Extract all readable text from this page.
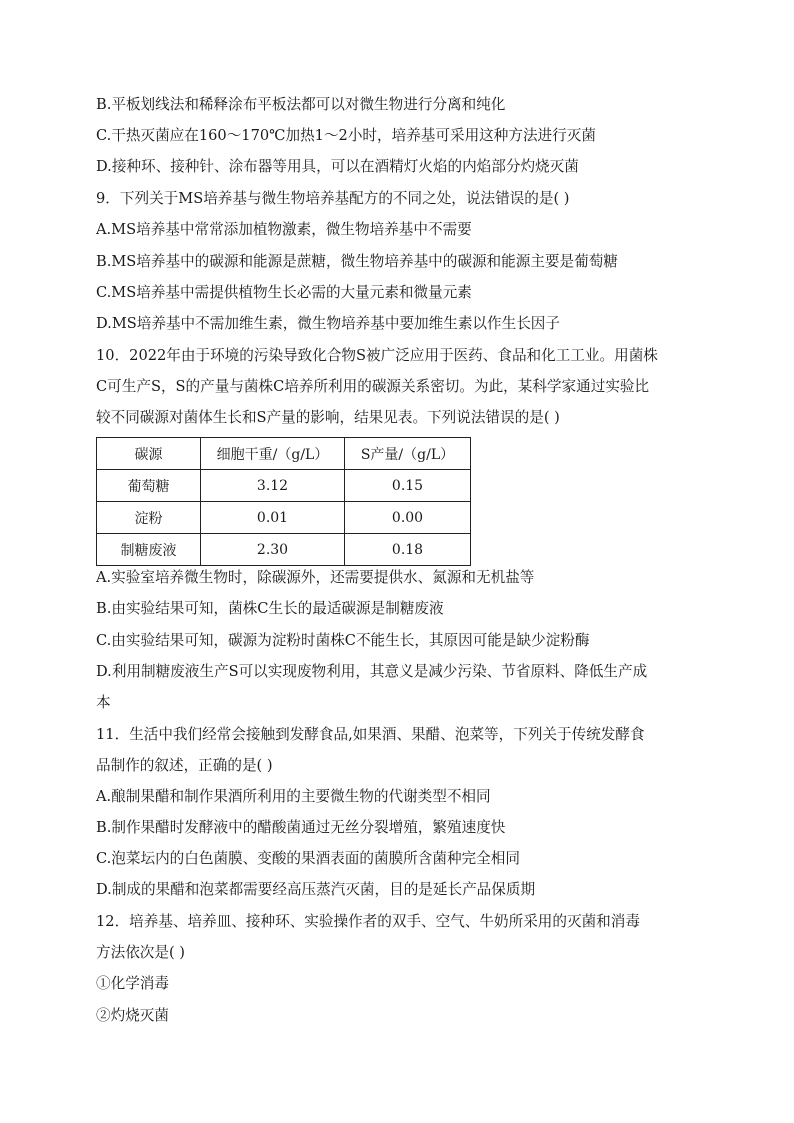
B.平板划线法和稀释涂布平板法都可以对微生物进行分离和纯化
C.干热灭菌应在160～170℃加热1～2小时，培养基可采用这种方法进行灭菌
D.接种环、接种针、涂布器等用具，可以在酒精灯火焰的内焰部分灼烧灭菌
9．下列关于MS培养基与微生物培养基配方的不同之处，说法错误的是( )
A.MS培养基中常常添加植物激素，微生物培养基中不需要
B.MS培养基中的碳源和能源是蔗糖，微生物培养基中的碳源和能源主要是葡萄糖
C.MS培养基中需提供植物生长必需的大量元素和微量元素
D.MS培养基中不需加维生素，微生物培养基中要加维生素以作生长因子
10．2022年由于环境的污染导致化合物S被广泛应用于医药、食品和化工工业。用菌株
C可生产S，S的产量与菌株C培养所利用的碳源关系密切。为此，某科学家通过实验比
较不同碳源对菌体生长和S产量的影响，结果见表。下列说法错误的是( )
碳源	细胞干重/（g/L）	S产量/（g/L）
葡萄糖	3.12	0.15
淀粉	0.01	0.00
制糖废液	2.30	0.18
A.实验室培养微生物时，除碳源外，还需要提供水、氮源和无机盐等
B.由实验结果可知，菌株C生长的最适碳源是制糖废液
C.由实验结果可知，碳源为淀粉时菌株C不能生长，其原因可能是缺少淀粉酶
D.利用制糖废液生产S可以实现废物利用，其意义是减少污染、节省原料、降低生产成
本
11．生活中我们经常会接触到发酵食品,如果酒、果醋、泡菜等，下列关于传统发酵食
品制作的叙述，正确的是( )
A.酿制果醋和制作果酒所利用的主要微生物的代谢类型不相同
B.制作果醋时发酵液中的醋酸菌通过无丝分裂增殖，繁殖速度快
C.泡菜坛内的白色菌膜、变酸的果酒表面的菌膜所含菌种完全相同
D.制成的果醋和泡菜都需要经高压蒸汽灭菌，目的是延长产品保质期
12．培养基、培养皿、接种环、实验操作者的双手、空气、牛奶所采用的灭菌和消毒
方法依次是( )
①化学消毒
②灼烧灭菌
